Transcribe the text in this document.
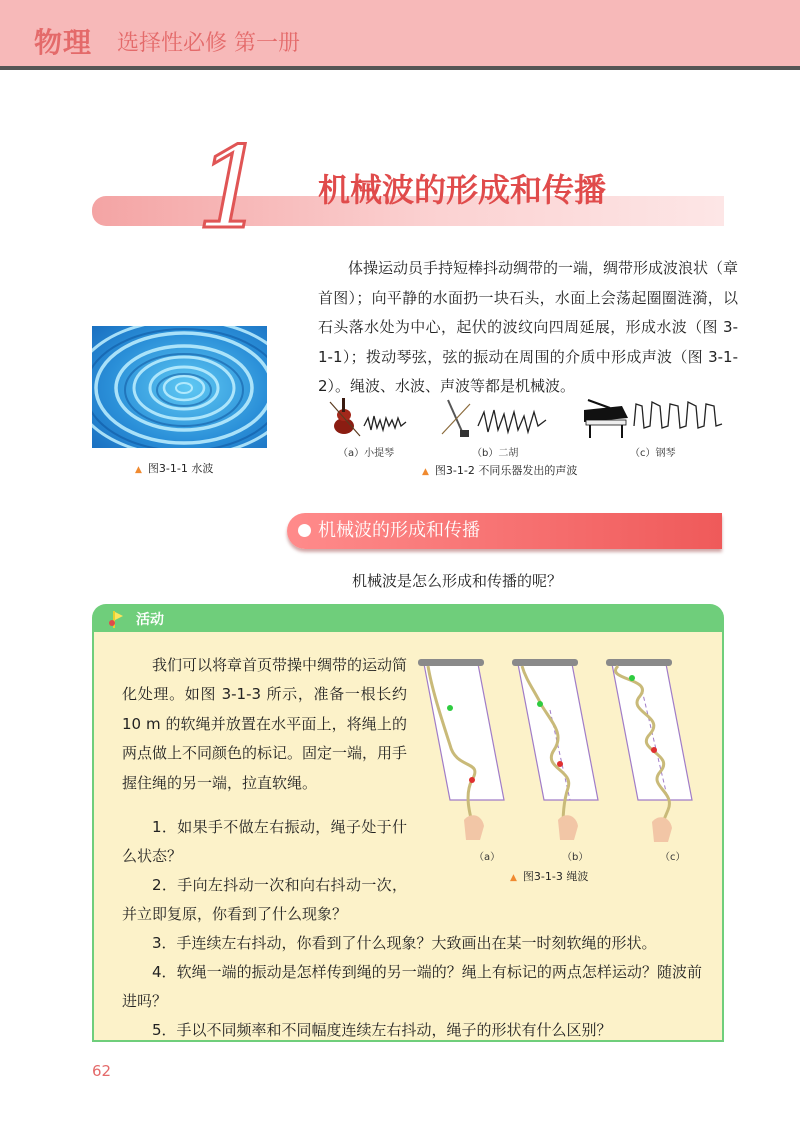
物理 选择性必修 第一册
1 机械波的形成和传播
体操运动员手持短棒抖动绸带的一端，绸带形成波浪状（章首图）；向平静的水面扔一块石头，水面上会荡起圈圈涟漪，以石头落水处为中心，起伏的波纹向四周延展，形成水波（图 3-1-1）；拨动琴弦，弦的振动在周围的介质中形成声波（图 3-1-2）。绳波、水波、声波等都是机械波。
▲ 图3-1-1 水波
（a）小提琴	（b）二胡	（c）钢琴
▲ 图3-1-2 不同乐器发出的声波
机械波的形成和传播
机械波是怎么形成和传播的呢？
活动
我们可以将章首页带操中绸带的运动简化处理。如图 3-1-3 所示，准备一根长约 10 m 的软绳并放置在水平面上，将绳上的两点做上不同颜色的标记。固定一端，用手握住绳的另一端，拉直软绳。
1．如果手不做左右振动，绳子处于什么状态？
2．手向左抖动一次和向右抖动一次，并立即复原，你看到了什么现象？
3．手连续左右抖动，你看到了什么现象？大致画出在某一时刻软绳的形状。
4．软绳一端的振动是怎样传到绳的另一端的？绳上有标记的两点怎样运动？随波前进吗？
5．手以不同频率和不同幅度连续左右抖动，绳子的形状有什么区别？
（a）	（b）	（c）
▲ 图3-1-3 绳波
62
